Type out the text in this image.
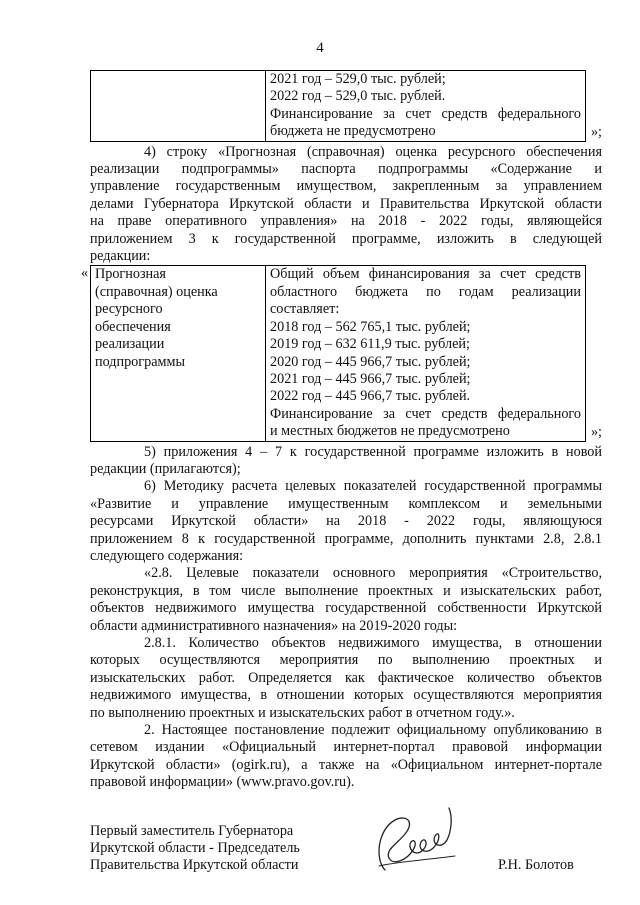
4

2021 год – 529,0 тыс. рублей;
2022 год – 529,0 тыс. рублей.
Финансирование за счет средств федерального
бюджета не предусмотрено	»;
4) строку «Прогнозная (справочная) оценка ресурсного обеспечения
реализации подпрограммы» паспорта подпрограммы «Содержание и
управление государственным имуществом, закрепленным за управлением
делами Губернатора Иркутской области и Правительства Иркутской области
на праве оперативного управления» на 2018 - 2022 годы, являющейся
приложением 3 к государственной программе, изложить в следующей
редакции:
« Прогнозная
(справочная) оценка
ресурсного
обеспечения
реализации
подпрограммы

Общий объем финансирования за счет средств
областного бюджета по годам реализации
составляет:
2018 год – 562 765,1 тыс. рублей;
2019 год – 632 611,9 тыс. рублей;
2020 год – 445 966,7 тыс. рублей;
2021 год – 445 966,7 тыс. рублей;
2022 год – 445 966,7 тыс. рублей.
Финансирование за счет средств федерального
и местных бюджетов не предусмотрено	»;
5) приложения 4 – 7 к государственной программе изложить в новой
редакции (прилагаются);
6) Методику расчета целевых показателей государственной программы
«Развитие и управление имущественным комплексом и земельными
ресурсами Иркутской области» на 2018 - 2022 годы, являющуюся
приложением 8 к государственной программе, дополнить пунктами 2.8, 2.8.1
следующего содержания:
«2.8. Целевые показатели основного мероприятия «Строительство,
реконструкция, в том числе выполнение проектных и изыскательских работ,
объектов недвижимого имущества государственной собственности Иркутской
области административного назначения» на 2019-2020 годы:
2.8.1. Количество объектов недвижимого имущества, в отношении
которых осуществляются мероприятия по выполнению проектных и
изыскательских работ. Определяется как фактическое количество объектов
недвижимого имущества, в отношении которых осуществляются мероприятия
по выполнению проектных и изыскательских работ в отчетном году.».
2. Настоящее постановление подлежит официальному опубликованию в
сетевом издании «Официальный интернет-портал правовой информации
Иркутской области» (ogirk.ru), а также на «Официальном интернет-портале
правовой информации» (www.pravo.gov.ru).
Первый заместитель Губернатора
Иркутской области - Председатель
Правительства Иркутской области	Р.Н. Болотов
